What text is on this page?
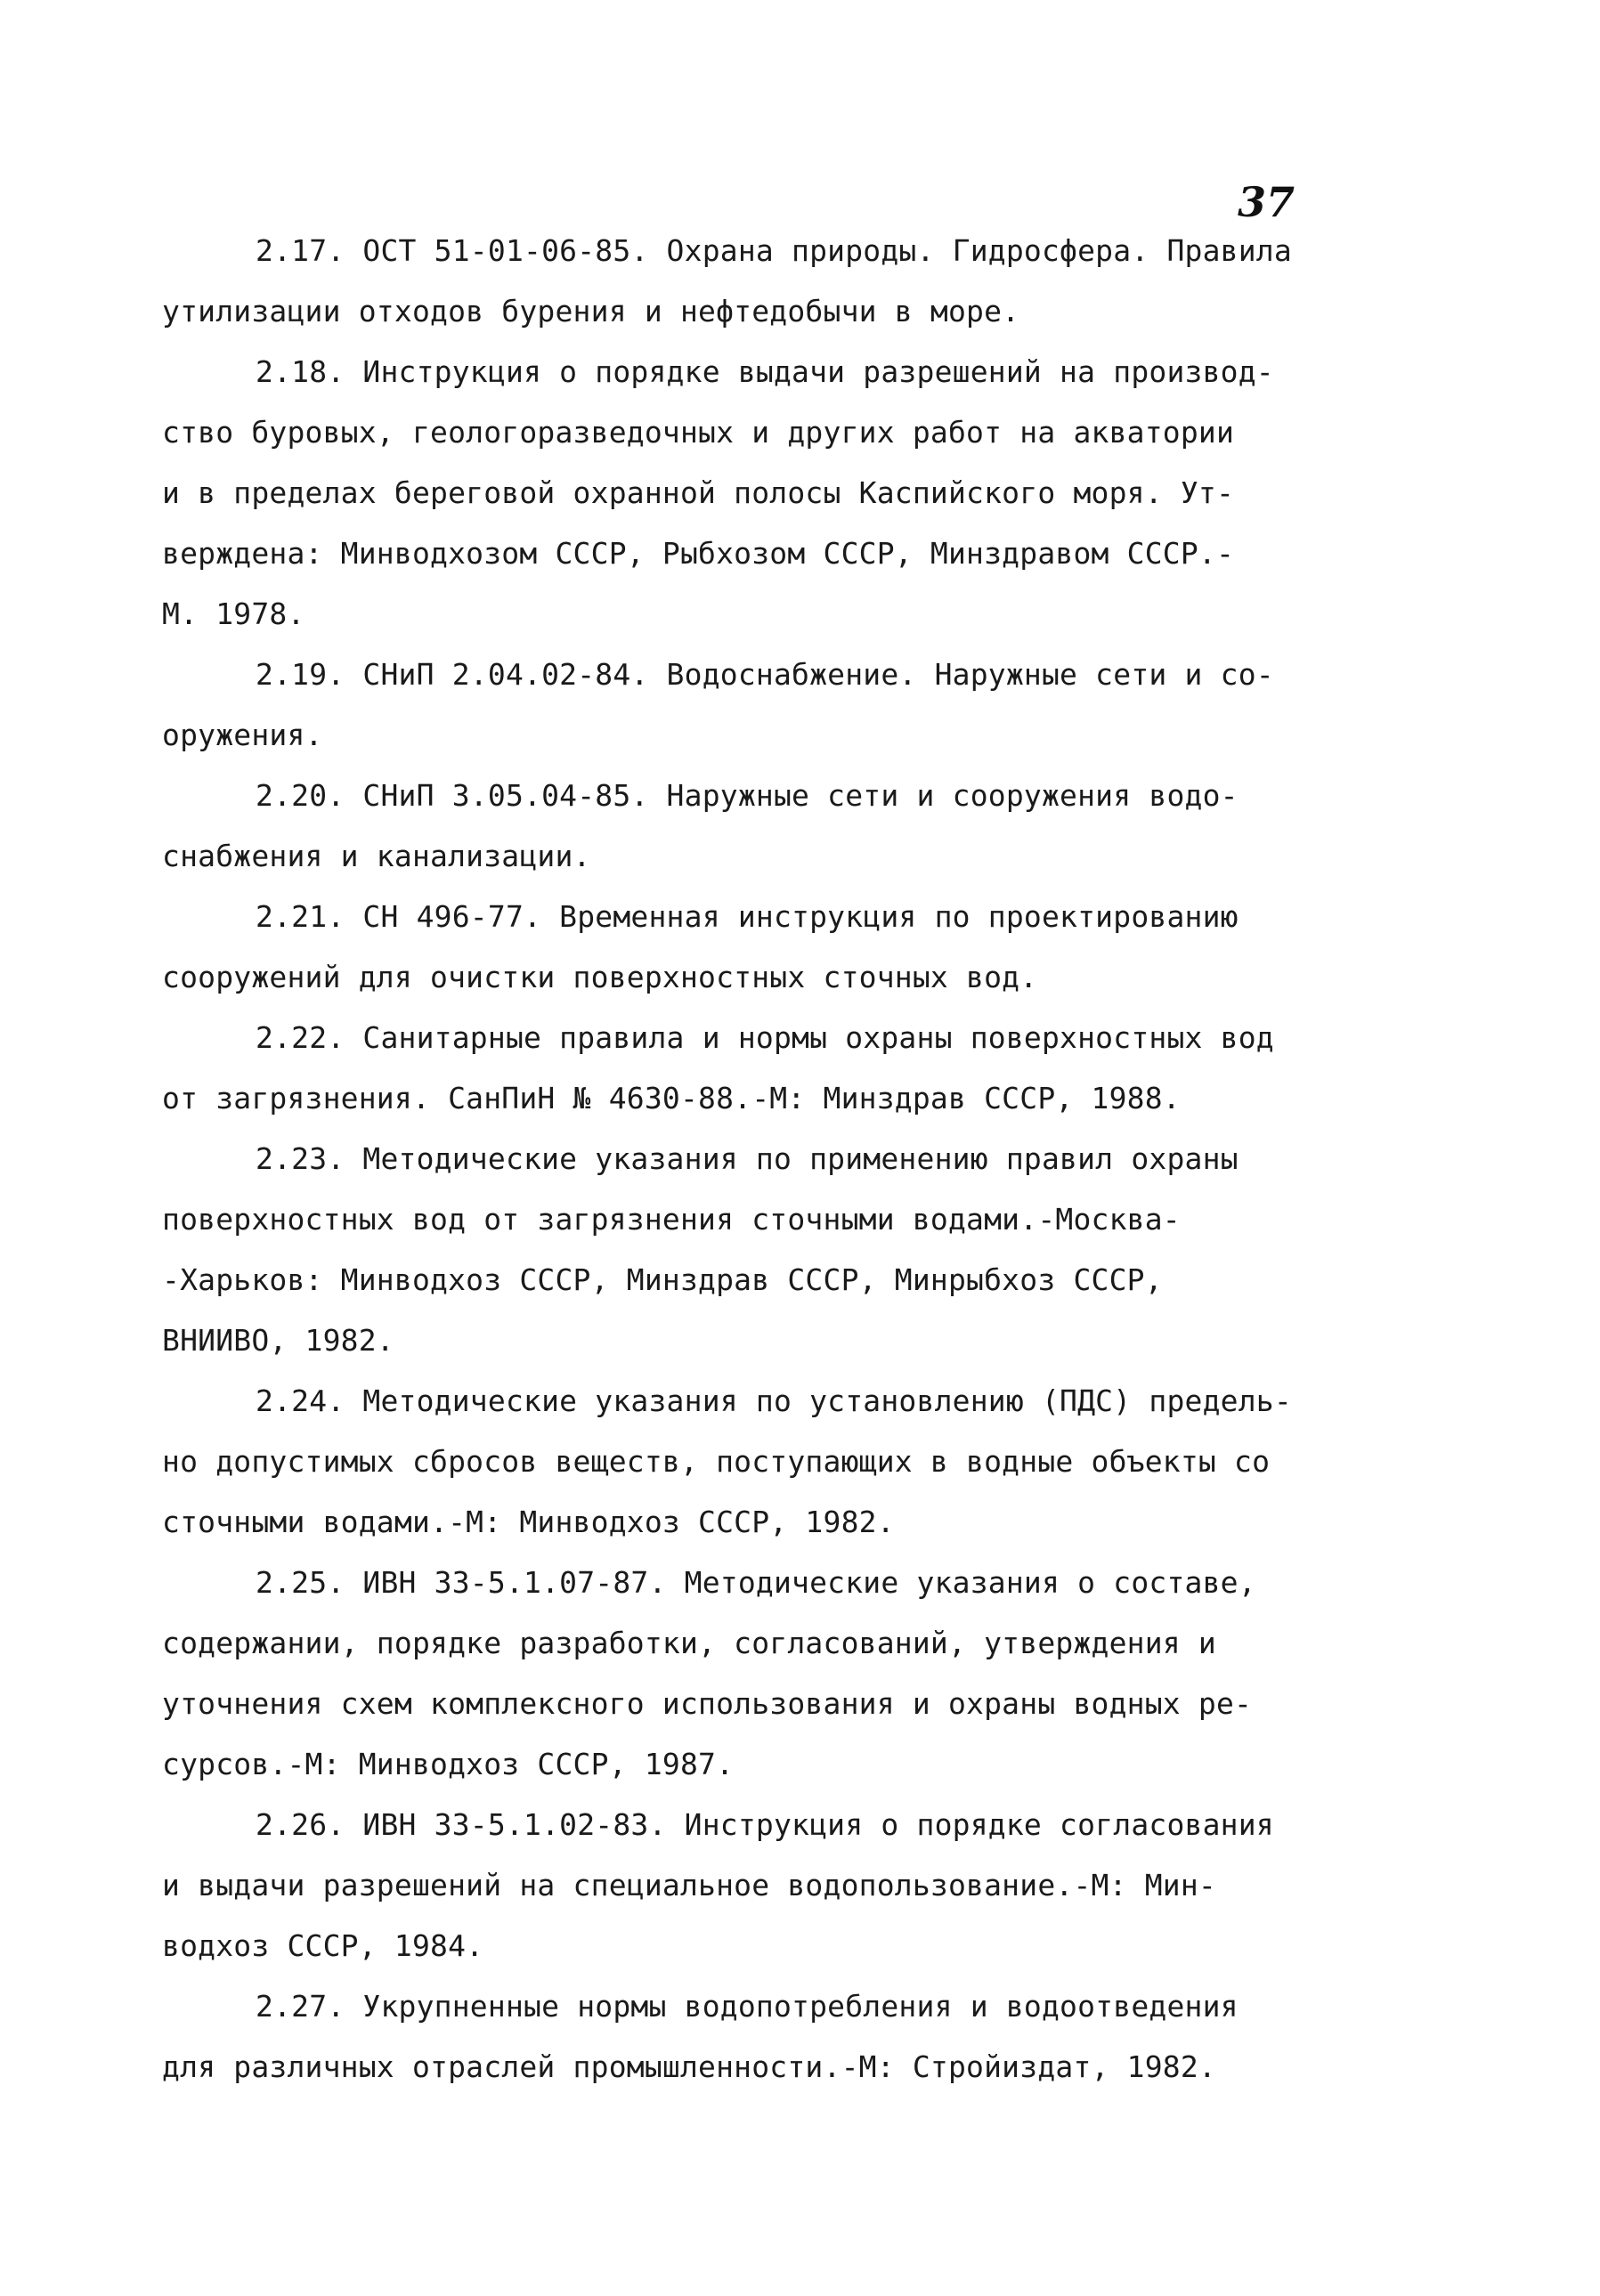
37
2.17. ОСТ 51-01-06-85. Охрана природы. Гидросфера. Правила
утилизации отходов бурения и нефтедобычи в море.
2.18. Инструкция о порядке выдачи разрешений на производ-
ство буровых, геологоразведочных и других работ на акватории
и в пределах береговой охранной полосы Каспийского моря. Ут-
верждена: Минводхозом СССР, Рыбхозом СССР, Минздравом СССР.-
М. 1978.
2.19. СНиП 2.04.02-84. Водоснабжение. Наружные сети и со-
оружения.
2.20. СНиП 3.05.04-85. Наружные сети и сооружения водо-
снабжения и канализации.
2.21. СН 496-77. Временная инструкция по проектированию
сооружений для очистки поверхностных сточных вод.
2.22. Санитарные правила и нормы охраны поверхностных вод
от загрязнения. СанПиН № 4630-88.-М: Минздрав СССР, 1988.
2.23. Методические указания по применению правил охраны
поверхностных вод от загрязнения сточными водами.-Москва-
-Харьков: Минводхоз СССР, Минздрав СССР, Минрыбхоз СССР,
ВНИИВО, 1982.
2.24. Методические указания по установлению (ПДС) предель-
но допустимых сбросов веществ, поступающих в водные объекты со
сточными водами.-М: Минводхоз СССР, 1982.
2.25. ИВН 33-5.1.07-87. Методические указания о составе,
содержании, порядке разработки, согласований, утверждения и
уточнения схем комплексного использования и охраны водных ре-
сурсов.-М: Минводхоз СССР, 1987.
2.26. ИВН 33-5.1.02-83. Инструкция о порядке согласования
и выдачи разрешений на специальное водопользование.-М: Мин-
водхоз СССР, 1984.
2.27. Укрупненные нормы водопотребления и водоотведения
для различных отраслей промышленности.-М: Стройиздат, 1982.
